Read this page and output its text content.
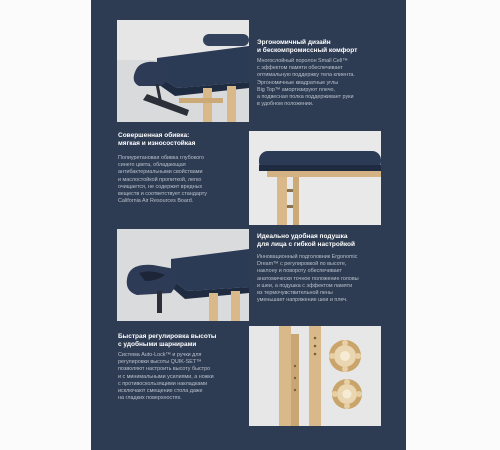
Эргономичный дизайн
и бескомпромиссный комфорт

Многослойный поролон Small Cell™
с эффектом памяти обеспечивает
оптимальную поддержку тела клиента.
Эргономичные квадратные углы
Big Top™ амортизируют плечо,
а подвесная полка поддерживает руки
в удобном положении.

Совершенная обивка:
мягкая и износостойкая

Полиуретановая обивка глубокого
синего цвета, обладающая
антибактериальными свойствами
и маслостойкой пропиткой, легко
очищается, не содержит вредных
веществ и соответствует стандарту
California Air Resources Board.

Идеально удобная подушка
для лица с гибкой настройкой

Инновационный подголовник Ergonomic
Dream™ с регулировкой по высоте,
наклону и повороту обеспечивает
анатомически точное положение головы
и шеи, а подушка с эффектом памяти
из термочувствительной пены
уменьшает напряжение шеи и плеч.

Быстрая регулировка высоты
с удобными шарнирами

Система Auto-Lock™ и ручки для
регулировки высоты QUIK-SET™
позволяют настроить высоту быстро
и с минимальными усилиями, а ножки
с противоскользящими накладками
исключают смещение стола даже
на гладких поверхностях.
